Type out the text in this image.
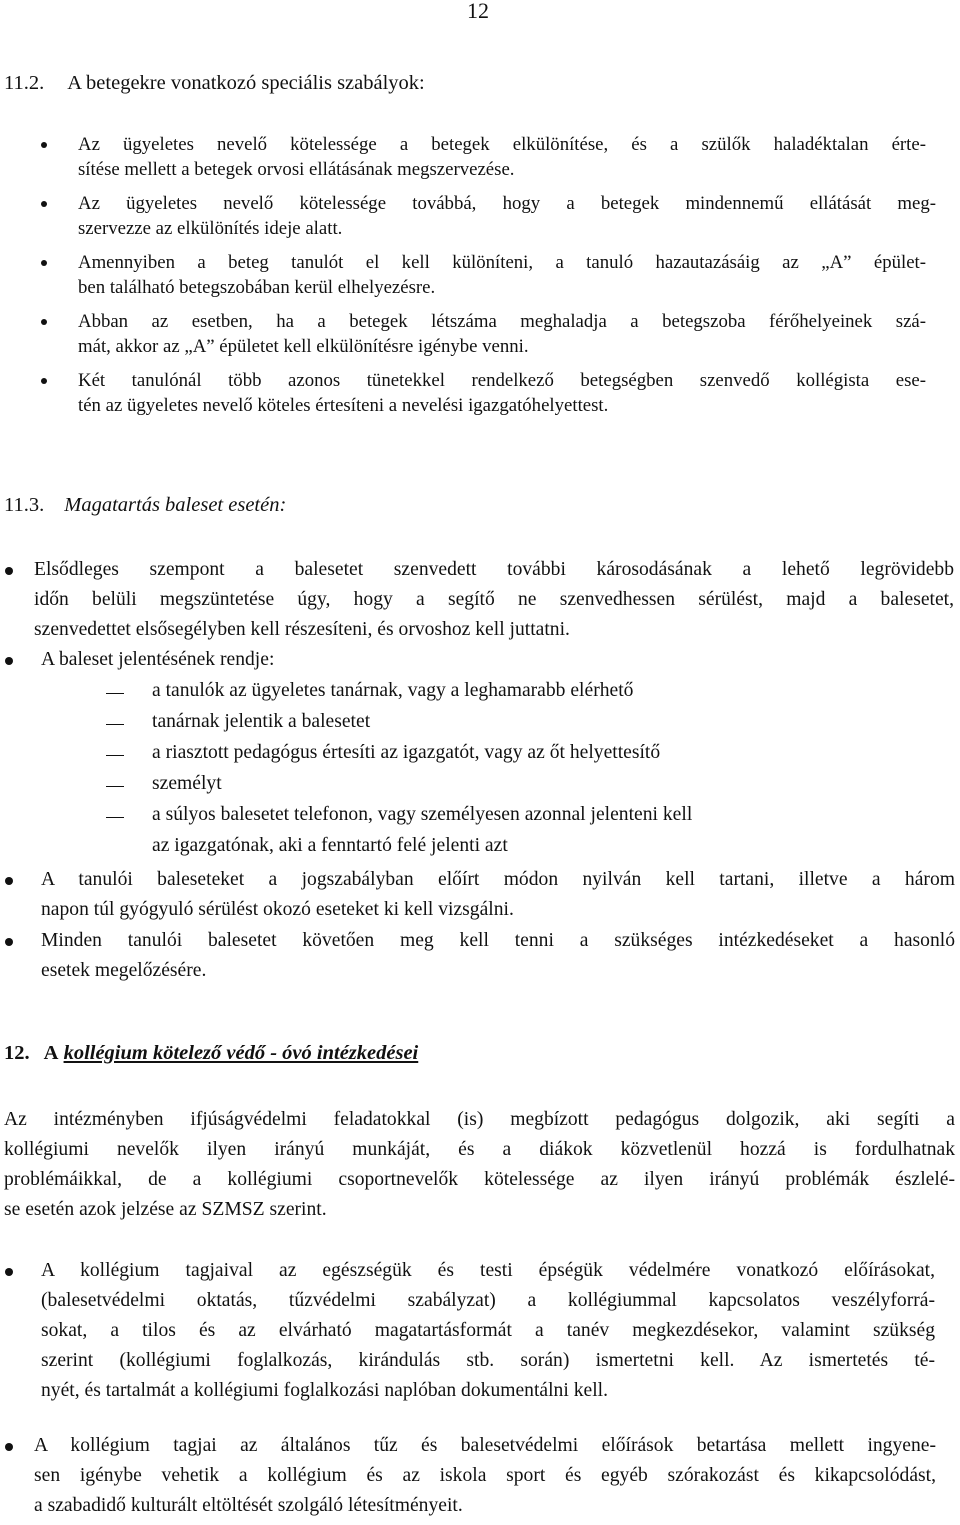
12
11.2. A betegekre vonatkozó speciális szabályok:
Az ügyeletes nevelő kötelessége a betegek elkülönítése, és a szülők haladéktalan érte-
sítése mellett a betegek orvosi ellátásának megszervezése.
Az ügyeletes nevelő kötelessége továbbá, hogy a betegek mindennemű ellátását meg-
szervezze az elkülönítés ideje alatt.
Amennyiben a beteg tanulót el kell különíteni, a tanuló hazautazásáig az „A” épület-
ben található betegszobában kerül elhelyezésre.
Abban az esetben, ha a betegek létszáma meghaladja a betegszoba férőhelyeinek szá-
mát, akkor az „A” épületet kell elkülönítésre igénybe venni.
Két tanulónál több azonos tünetekkel rendelkező betegségben szenvedő kollégista ese-
tén az ügyeletes nevelő köteles értesíteni a nevelési igazgatóhelyettest.
11.3. Magatartás baleset esetén:
Elsődleges szempont a balesetet szenvedett további károsodásának a lehető legrövidebb
időn belüli megszüntetése úgy, hogy a segítő ne szenvedhessen sérülést, majd a balesetet,
szenvedettet elsősegélyben kell részesíteni, és orvoshoz kell juttatni.
A baleset jelentésének rendje:
a tanulók az ügyeletes tanárnak, vagy a leghamarabb elérhető
tanárnak jelentik a balesetet
a riasztott pedagógus értesíti az igazgatót, vagy az őt helyettesítő
személyt
a súlyos balesetet telefonon, vagy személyesen azonnal jelenteni kell
az igazgatónak, aki a fenntartó felé jelenti azt
A tanulói baleseteket a jogszabályban előírt módon nyilván kell tartani, illetve a három
napon túl gyógyuló sérülést okozó eseteket ki kell vizsgálni.
Minden tanulói balesetet követően meg kell tenni a szükséges intézkedéseket a hasonló
esetek megelőzésére.
12. A kollégium kötelező védő - óvó intézkedései
Az intézményben ifjúságvédelmi feladatokkal (is) megbízott pedagógus dolgozik, aki segíti a
kollégiumi nevelők ilyen irányú munkáját, és a diákok közvetlenül hozzá is fordulhatnak
problémáikkal, de a kollégiumi csoportnevelők kötelessége az ilyen irányú problémák észlelé-
se esetén azok jelzése az SZMSZ szerint.
A kollégium tagjaival az egészségük és testi épségük védelmére vonatkozó előírásokat,
(balesetvédelmi oktatás, tűzvédelmi szabályzat) a kollégiummal kapcsolatos veszélyforrá-
sokat, a tilos és az elvárható magatartásformát a tanév megkezdésekor, valamint szükség
szerint (kollégiumi foglalkozás, kirándulás stb. során) ismertetni kell. Az ismertetés té-
nyét, és tartalmát a kollégiumi foglalkozási naplóban dokumentálni kell.
A kollégium tagjai az általános tűz és balesetvédelmi előírások betartása mellett ingyene-
sen igénybe vehetik a kollégium és az iskola sport és egyéb szórakozást és kikapcsolódást,
a szabadidő kulturált eltöltését szolgáló létesítményeit.
